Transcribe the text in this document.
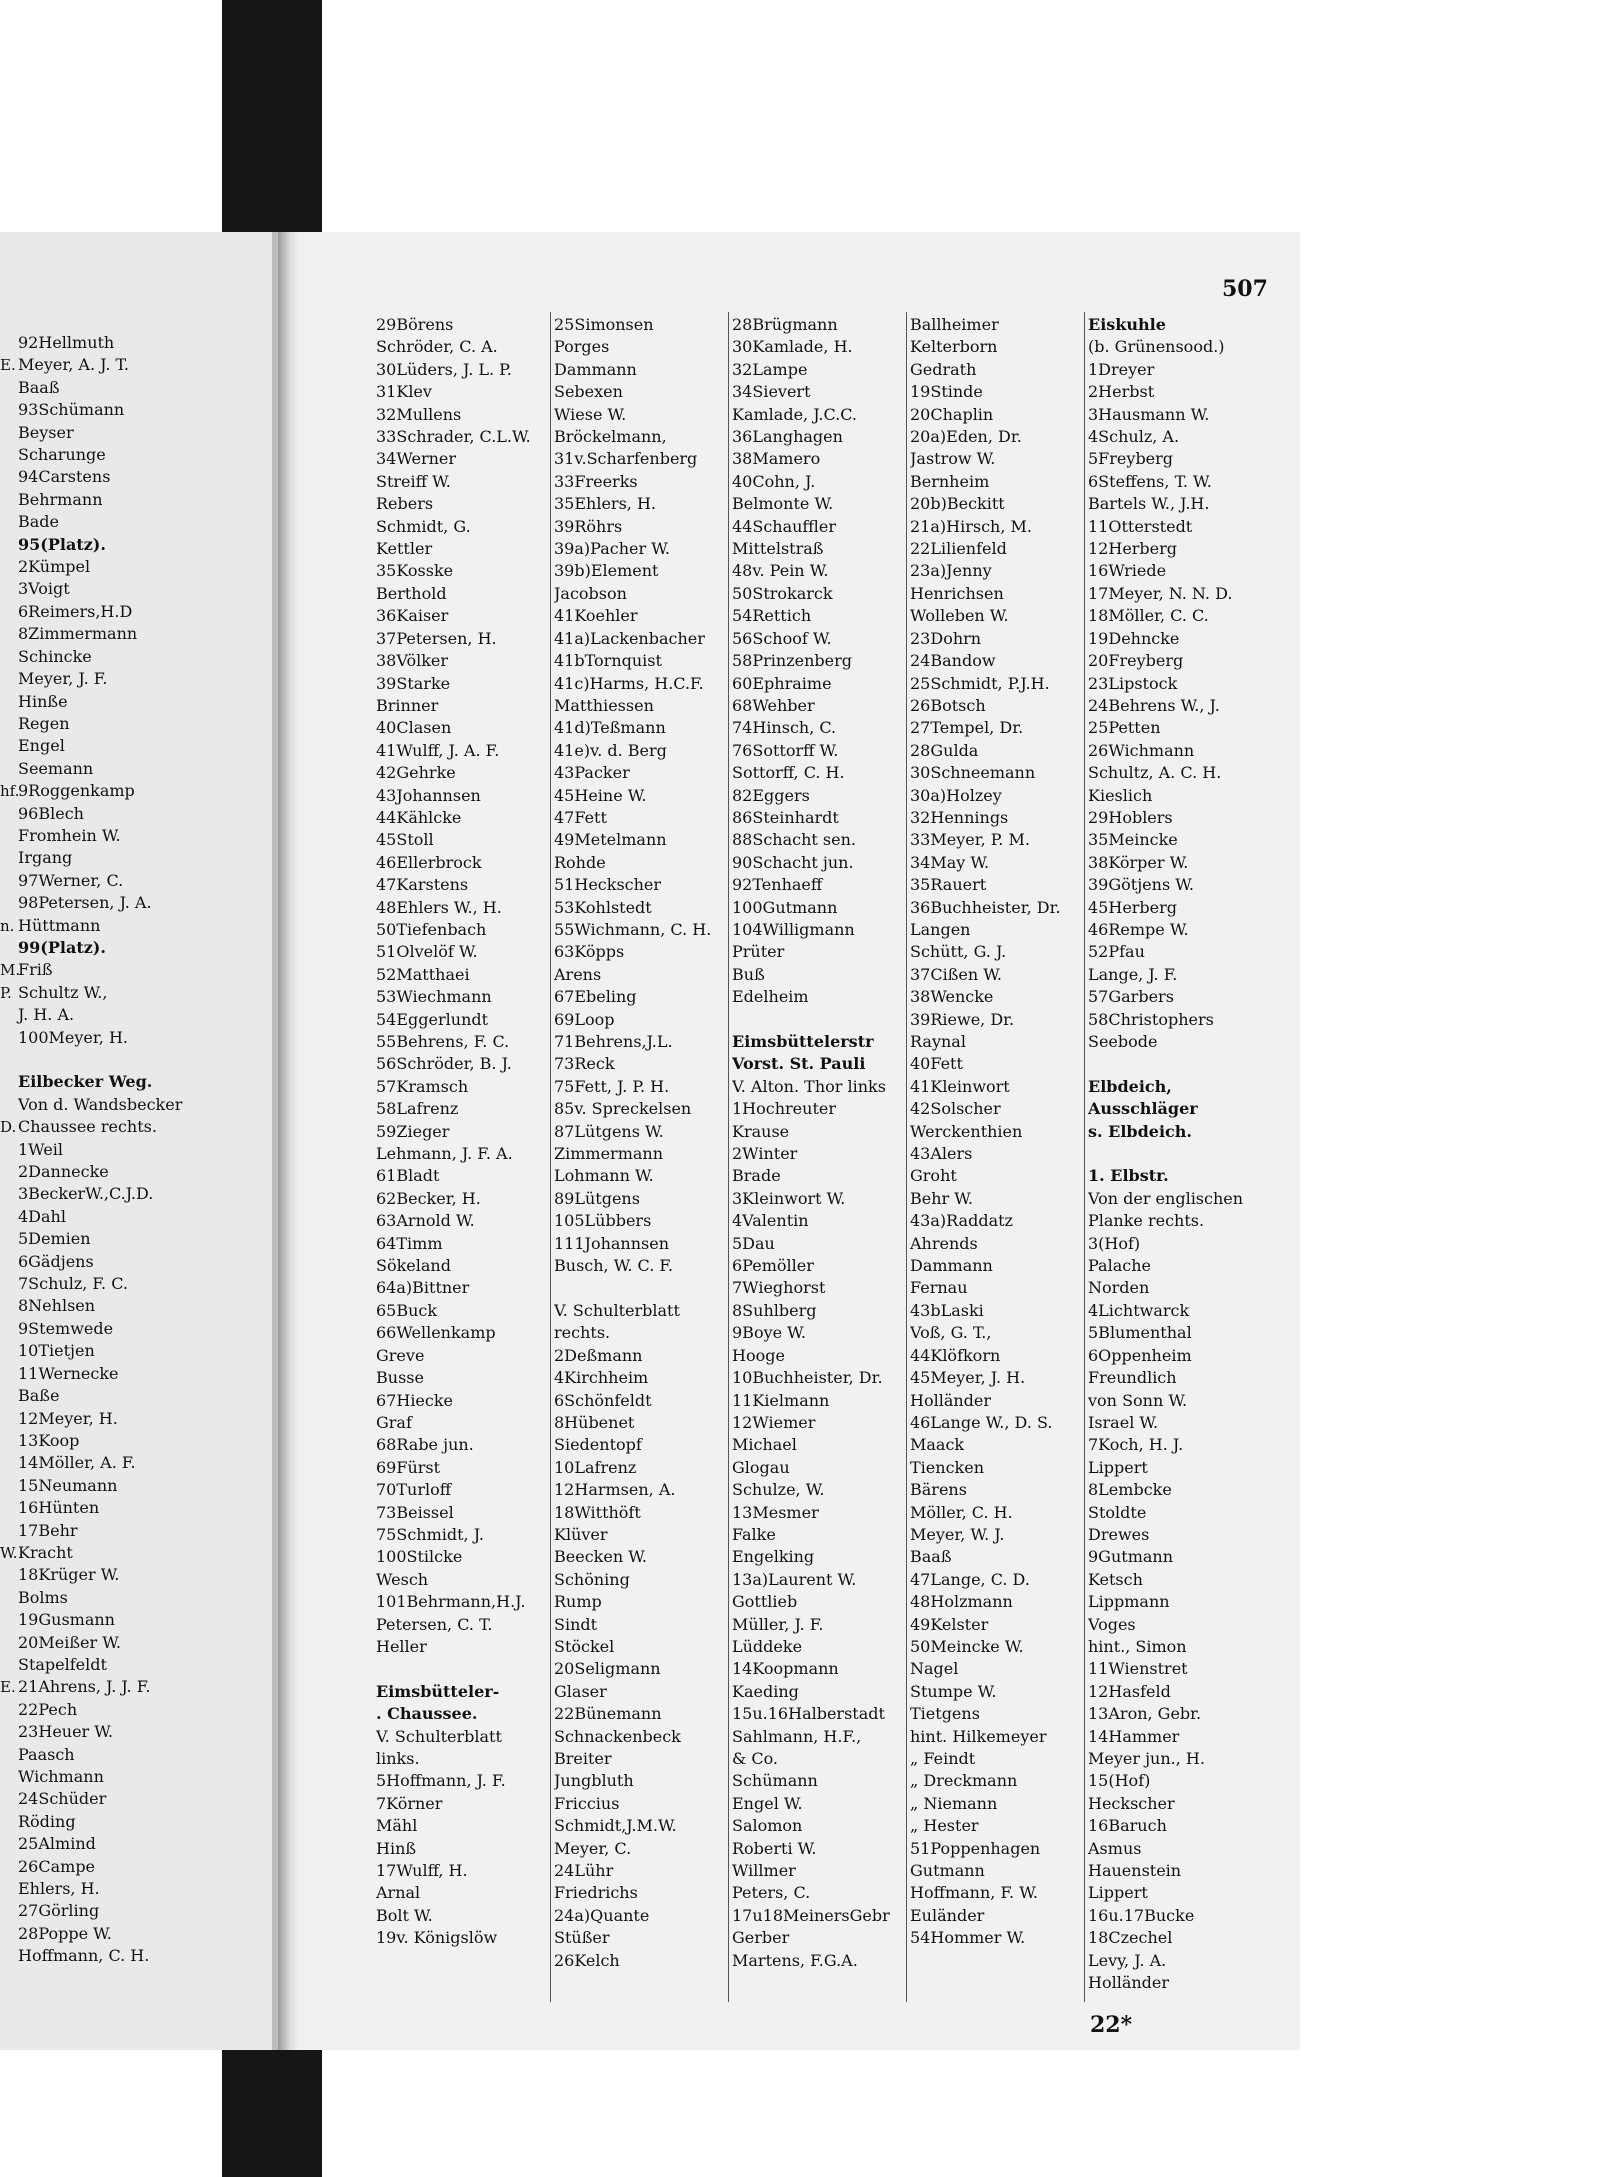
E.

hf.

n.

M.
P.

D.

W.

E.
92Hellmuth
Meyer, A. J. T.
Baaß
93Schümann
Beyser
Scharunge
94Carstens
Behrmann
Bade
95(Platz).
2Kümpel
3Voigt
6Reimers,H.D
8Zimmermann
Schincke
Meyer, J. F.
Hinße
Regen
Engel
Seemann
9Roggenkamp
96Blech
Fromhein W.
Irgang
97Werner, C.
98Petersen, J. A.
Hüttmann
99(Platz).
Friß
Schultz W.,
J. H. A.
100Meyer, H.

Eilbecker Weg.
Von d. Wandsbecker
Chaussee rechts.
1Weil
2Dannecke
3BeckerW.,C.J.D.
4Dahl
5Demien
6Gädjens
7Schulz, F. C.
8Nehlsen
9Stemwede
10Tietjen
11Wernecke
Baße
12Meyer, H.
13Koop
14Möller, A. F.
15Neumann
16Hünten
17Behr
Kracht
18Krüger W.
Bolms
19Gusmann
20Meißer W.
Stapelfeldt
21Ahrens, J. J. F.
22Pech
23Heuer W.
Paasch
Wichmann
24Schüder
Röding
25Almind
26Campe
Ehlers, H.
27Görling
28Poppe W.
Hoffmann, C. H.
507
29Börens
Schröder, C. A.
30Lüders, J. L. P.
31Klev
32Mullens
33Schrader, C.L.W.
34Werner
Streiff W.
Rebers
Schmidt, G.
Kettler
35Kosske
Berthold
36Kaiser
37Petersen, H.
38Völker
39Starke
Brinner
40Clasen
41Wulff, J. A. F.
42Gehrke
43Johannsen
44Kählcke
45Stoll
46Ellerbrock
47Karstens
48Ehlers W., H.
50Tiefenbach
51Olvelöf W.
52Matthaei
53Wiechmann
54Eggerlundt
55Behrens, F. C.
56Schröder, B. J.
57Kramsch
58Lafrenz
59Zieger
Lehmann, J. F. A.
61Bladt
62Becker, H.
63Arnold W.
64Timm
Sökeland
64a)Bittner
65Buck
66Wellenkamp
Greve
Busse
67Hiecke
Graf
68Rabe jun.
69Fürst
70Turloff
73Beissel
75Schmidt, J.
100Stilcke
Wesch
101Behrmann,H.J.
Petersen, C. T.
Heller

Eimsbütteler-
. Chaussee.
V. Schulterblatt
links.
5Hoffmann, J. F.
7Körner
Mähl
Hinß
17Wulff, H.
Arnal
Bolt W.
19v. Königslöw
25Simonsen
Porges
Dammann
Sebexen
Wiese W.
Bröckelmann,
31v.Scharfenberg
33Freerks
35Ehlers, H.
39Röhrs
39a)Pacher W.
39b)Element
Jacobson
41Koehler
41a)Lackenbacher
41bTornquist
41c)Harms, H.C.F.
Matthiessen
41d)Teßmann
41e)v. d. Berg
43Packer
45Heine W.
47Fett
49Metelmann
Rohde
51Heckscher
53Kohlstedt
55Wichmann, C. H.
63Köpps
Arens
67Ebeling
69Loop
71Behrens,J.L.
73Reck
75Fett, J. P. H.
85v. Spreckelsen
87Lütgens W.
Zimmermann
Lohmann W.
89Lütgens
105Lübbers
111Johannsen
Busch, W. C. F.

V. Schulterblatt
rechts.
2Deßmann
4Kirchheim
6Schönfeldt
8Hübenet
Siedentopf
10Lafrenz
12Harmsen, A.
18Witthöft
Klüver
Beecken W.
Schöning
Rump
Sindt
Stöckel
20Seligmann
Glaser
22Bünemann
Schnackenbeck
Breiter
Jungbluth
Friccius
Schmidt,J.M.W.
Meyer, C.
24Lühr
Friedrichs
24a)Quante
Stüßer
26Kelch
28Brügmann
30Kamlade, H.
32Lampe
34Sievert
Kamlade, J.C.C.
36Langhagen
38Mamero
40Cohn, J.
Belmonte W.
44Schauffler
Mittelstraß
48v. Pein W.
50Strokarck
54Rettich
56Schoof W.
58Prinzenberg
60Ephraime
68Wehber
74Hinsch, C.
76Sottorff W.
Sottorff, C. H.
82Eggers
86Steinhardt
88Schacht sen.
90Schacht jun.
92Tenhaeff
100Gutmann
104Willigmann
Prüter
Buß
Edelheim

Eimsbüttelerstr
Vorst. St. Pauli
V. Alton. Thor links
1Hochreuter
Krause
2Winter
Brade
3Kleinwort W.
4Valentin
5Dau
6Pemöller
7Wieghorst
8Suhlberg
9Boye W.
Hooge
10Buchheister, Dr.
11Kielmann
12Wiemer
Michael
Glogau
Schulze, W.
13Mesmer
Falke
Engelking
13a)Laurent W.
Gottlieb
Müller, J. F.
Lüddeke
14Koopmann
Kaeding
15u.16Halberstadt
Sahlmann, H.F.,
& Co.
Schümann
Engel W.
Salomon
Roberti W.
Willmer
Peters, C.
17u18MeinersGebr
Gerber
Martens, F.G.A.
Ballheimer
Kelterborn
Gedrath
19Stinde
20Chaplin
20a)Eden, Dr.
Jastrow W.
Bernheim
20b)Beckitt
21a)Hirsch, M.
22Lilienfeld
23a)Jenny
Henrichsen
Wolleben W.
23Dohrn
24Bandow
25Schmidt, P.J.H.
26Botsch
27Tempel, Dr.
28Gulda
30Schneemann
30a)Holzey
32Hennings
33Meyer, P. M.
34May W.
35Rauert
36Buchheister, Dr.
Langen
Schütt, G. J.
37Cißen W.
38Wencke
39Riewe, Dr.
Raynal
40Fett
41Kleinwort
42Solscher
Werckenthien
43Alers
Groht
Behr W.
43a)Raddatz
Ahrends
Dammann
Fernau
43bLaski
Voß, G. T.,
44Klöfkorn
45Meyer, J. H.
Holländer
46Lange W., D. S.
Maack
Tiencken
Bärens
Möller, C. H.
Meyer, W. J.
Baaß
47Lange, C. D.
48Holzmann
49Kelster
50Meincke W.
Nagel
Stumpe W.
Tietgens
hint. Hilkemeyer
„ Feindt
„ Dreckmann
„ Niemann
„ Hester
51Poppenhagen
Gutmann
Hoffmann, F. W.
Euländer
54Hommer W.
Eiskuhle
(b. Grünensood.)
1Dreyer
2Herbst
3Hausmann W.
4Schulz, A.
5Freyberg
6Steffens, T. W.
Bartels W., J.H.
11Otterstedt
12Herberg
16Wriede
17Meyer, N. N. D.
18Möller, C. C.
19Dehncke
20Freyberg
23Lipstock
24Behrens W., J.
25Petten
26Wichmann
Schultz, A. C. H.
Kieslich
29Hoblers
35Meincke
38Körper W.
39Götjens W.
45Herberg
46Rempe W.
52Pfau
Lange, J. F.
57Garbers
58Christophers
Seebode

Elbdeich,
Ausschläger
s. Elbdeich.

1. Elbstr.
Von der englischen
Planke rechts.
3(Hof)
Palache
Norden
4Lichtwarck
5Blumenthal
6Oppenheim
Freundlich
von Sonn W.
Israel W.
7Koch, H. J.
Lippert
8Lembcke
Stoldte
Drewes
9Gutmann
Ketsch
Lippmann
Voges
hint., Simon
11Wienstret
12Hasfeld
13Aron, Gebr.
14Hammer
Meyer jun., H.
15(Hof)
Heckscher
16Baruch
Asmus
Hauenstein
Lippert
16u.17Bucke
18Czechel
Levy, J. A.
Holländer
22*
